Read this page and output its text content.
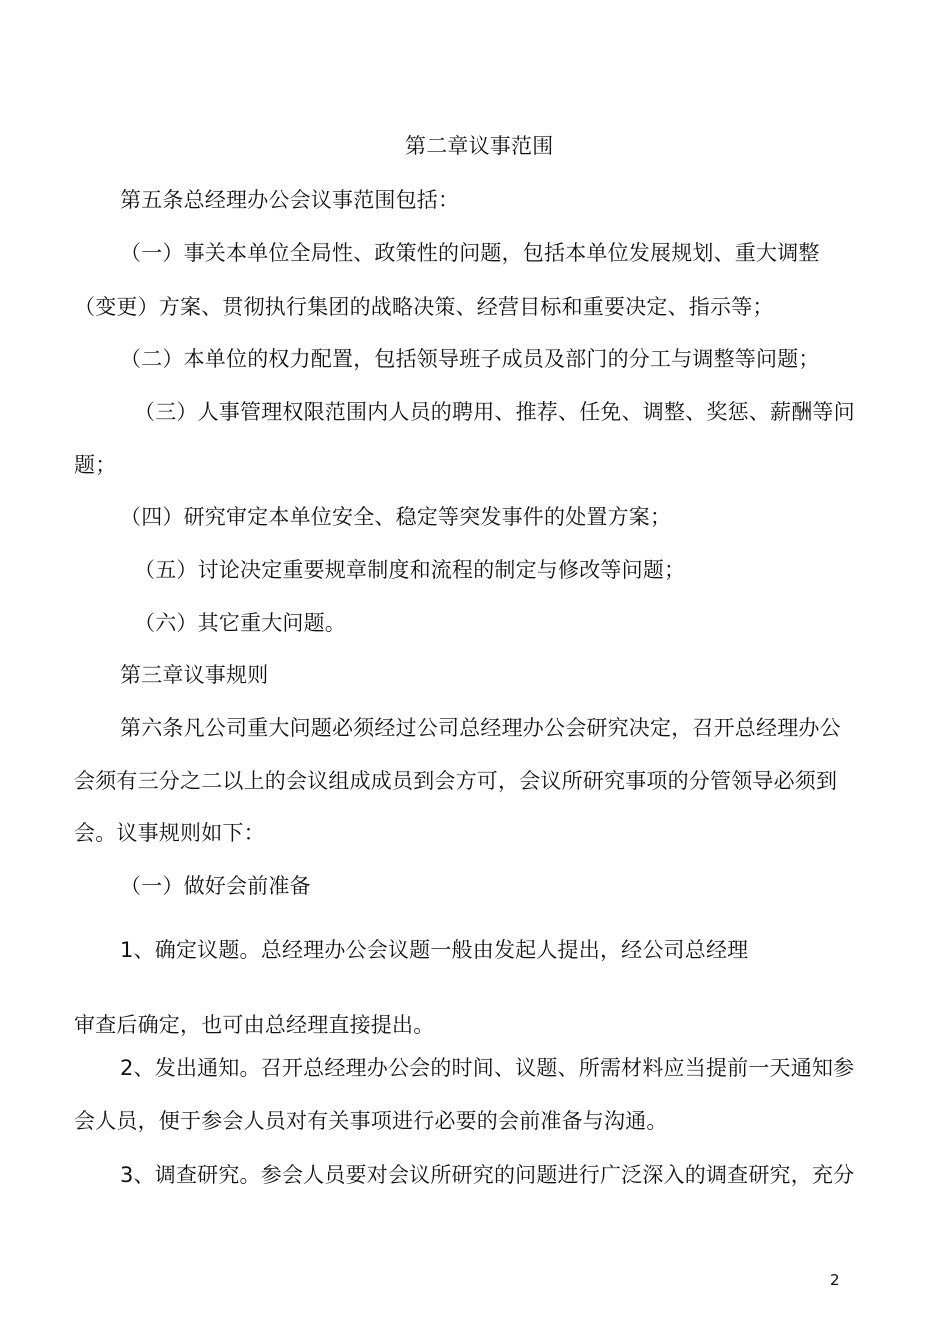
第二章议事范围
第五条总经理办公会议事范围包括：
（一）事关本单位全局性、政策性的问题，包括本单位发展规划、重大调整
（变更）方案、贯彻执行集团的战略决策、经营目标和重要决定、指示等；
（二）本单位的权力配置，包括领导班子成员及部门的分工与调整等问题；
（三）人事管理权限范围内人员的聘用、推荐、任免、调整、奖惩、薪酬等问
题；
（四）研究审定本单位安全、稳定等突发事件的处置方案；
（五）讨论决定重要规章制度和流程的制定与修改等问题；
（六）其它重大问题。
第三章议事规则
第六条凡公司重大问题必须经过公司总经理办公会研究决定，召开总经理办公
会须有三分之二以上的会议组成成员到会方可，会议所研究事项的分管领导必须到
会。议事规则如下：
（一）做好会前准备
1、确定议题。总经理办公会议题一般由发起人提出，经公司总经理
审查后确定，也可由总经理直接提出。
2、发出通知。召开总经理办公会的时间、议题、所需材料应当提前一天通知参
会人员，便于参会人员对有关事项进行必要的会前准备与沟通。
3、调查研究。参会人员要对会议所研究的问题进行广泛深入的调查研究，充分
2
